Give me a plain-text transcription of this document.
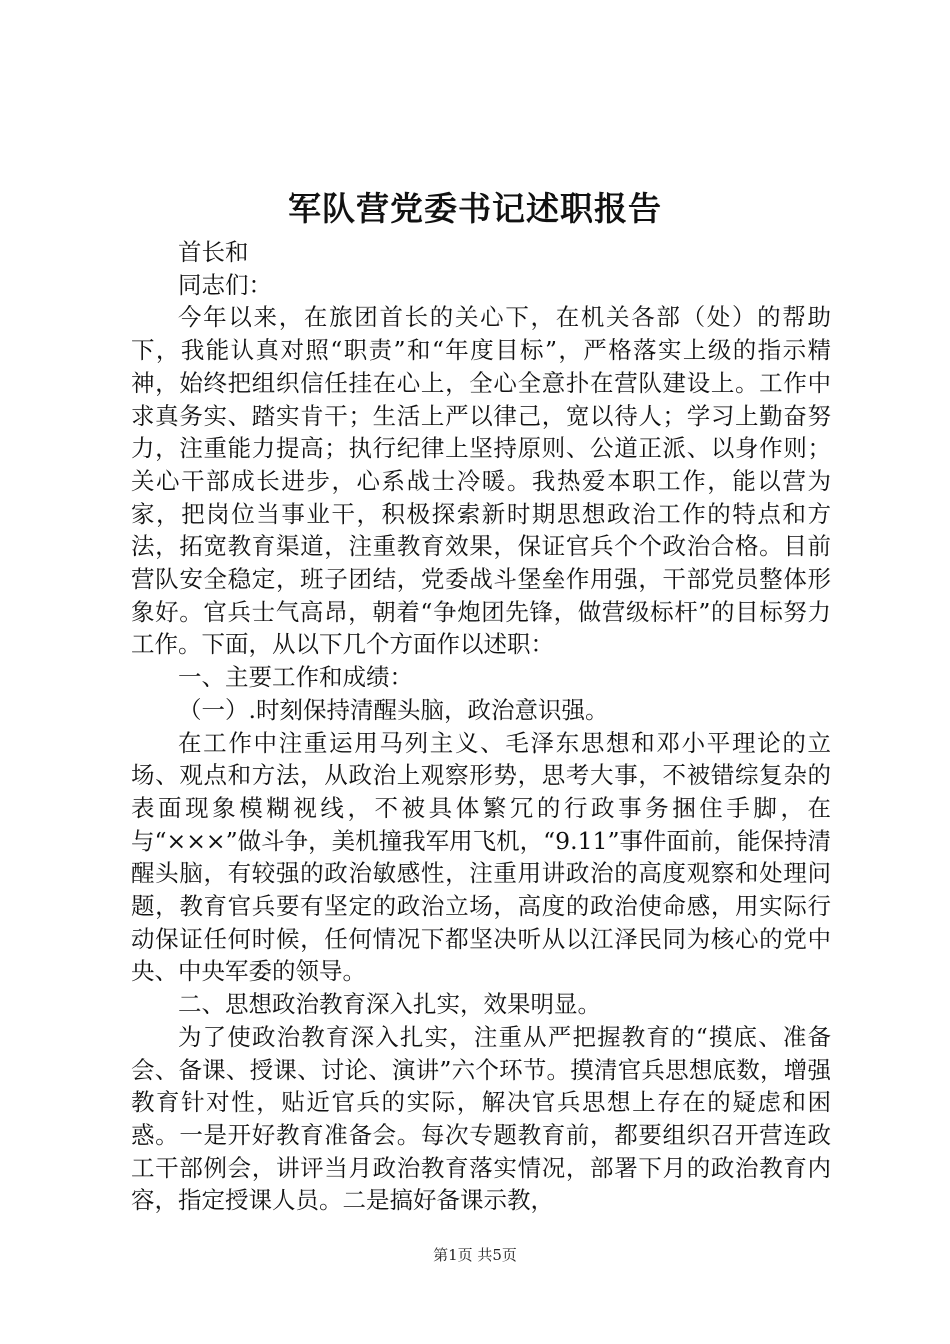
军队营党委书记述职报告

首长和

同志们：

今年以来，在旅团首长的关心下，在机关各部（处）的帮助下，我能认真对照“职责”和“年度目标”，严格落实上级的指示精神，始终把组织信任挂在心上，全心全意扑在营队建设上。工作中求真务实、踏实肯干；生活上严以律己，宽以待人；学习上勤奋努力，注重能力提高；执行纪律上坚持原则、公道正派、以身作则；关心干部成长进步，心系战士冷暖。我热爱本职工作，能以营为家，把岗位当事业干，积极探索新时期思想政治工作的特点和方法，拓宽教育渠道，注重教育效果，保证官兵个个政治合格。目前营队安全稳定，班子团结，党委战斗堡垒作用强，干部党员整体形象好。官兵士气高昂，朝着“争炮团先锋，做营级标杆”的目标努力工作。下面，从以下几个方面作以述职：

一、主要工作和成绩：

（一）.时刻保持清醒头脑，政治意识强。

在工作中注重运用马列主义、毛泽东思想和邓小平理论的立场、观点和方法，从政治上观察形势，思考大事，不被错综复杂的表面现象模糊视线，不被具体繁冗的行政事务捆住手脚，在与“×××”做斗争，美机撞我军用飞机，“9.11”事件面前，能保持清醒头脑，有较强的政治敏感性，注重用讲政治的高度观察和处理问题，教育官兵要有坚定的政治立场，高度的政治使命感，用实际行动保证任何时候，任何情况下都坚决听从以江泽民同为核心的党中央、中央军委的领导。

二、思想政治教育深入扎实，效果明显。

为了使政治教育深入扎实，注重从严把握教育的“摸底、准备会、备课、授课、讨论、演讲”六个环节。摸清官兵思想底数，增强教育针对性，贴近官兵的实际，解决官兵思想上存在的疑虑和困惑。一是开好教育准备会。每次专题教育前，都要组织召开营连政工干部例会，讲评当月政治教育落实情况，部署下月的政治教育内容，指定授课人员。二是搞好备课示教，

第1页 共5页
